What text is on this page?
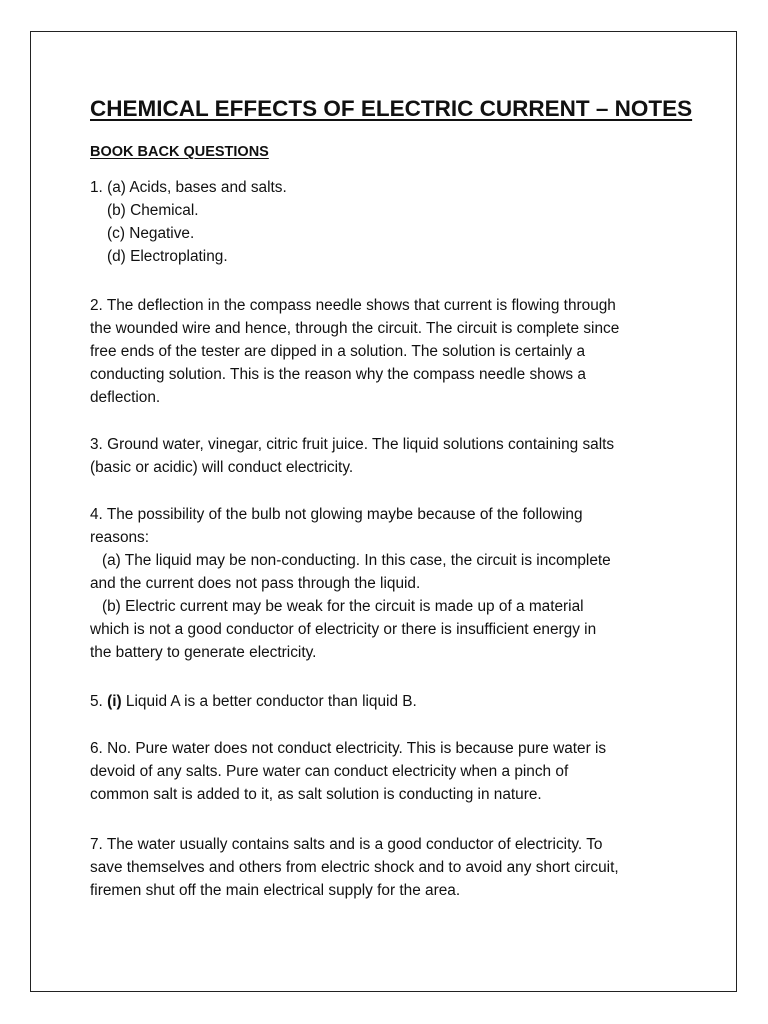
CHEMICAL EFFECTS OF ELECTRIC CURRENT – NOTES
BOOK BACK QUESTIONS
1. (a) Acids, bases and salts.
(b) Chemical.
(c) Negative.
(d) Electroplating.
2. The deflection in the compass needle shows that current is flowing through
the wounded wire and hence, through the circuit. The circuit is complete since
free ends of the tester are dipped in a solution. The solution is certainly a
conducting solution. This is the reason why the compass needle shows a
deflection.
3. Ground water, vinegar, citric fruit juice. The liquid solutions containing salts
(basic or acidic) will conduct electricity.
4. The possibility of the bulb not glowing maybe because of the following
reasons:
(a) The liquid may be non-conducting. In this case, the circuit is incomplete
and the current does not pass through the liquid.
(b) Electric current may be weak for the circuit is made up of a material
which is not a good conductor of electricity or there is insufficient energy in
the battery to generate electricity.
5. (i) Liquid A is a better conductor than liquid B.
6. No. Pure water does not conduct electricity. This is because pure water is
devoid of any salts. Pure water can conduct electricity when a pinch of
common salt is added to it, as salt solution is conducting in nature.
7. The water usually contains salts and is a good conductor of electricity. To
save themselves and others from electric shock and to avoid any short circuit,
firemen shut off the main electrical supply for the area.
